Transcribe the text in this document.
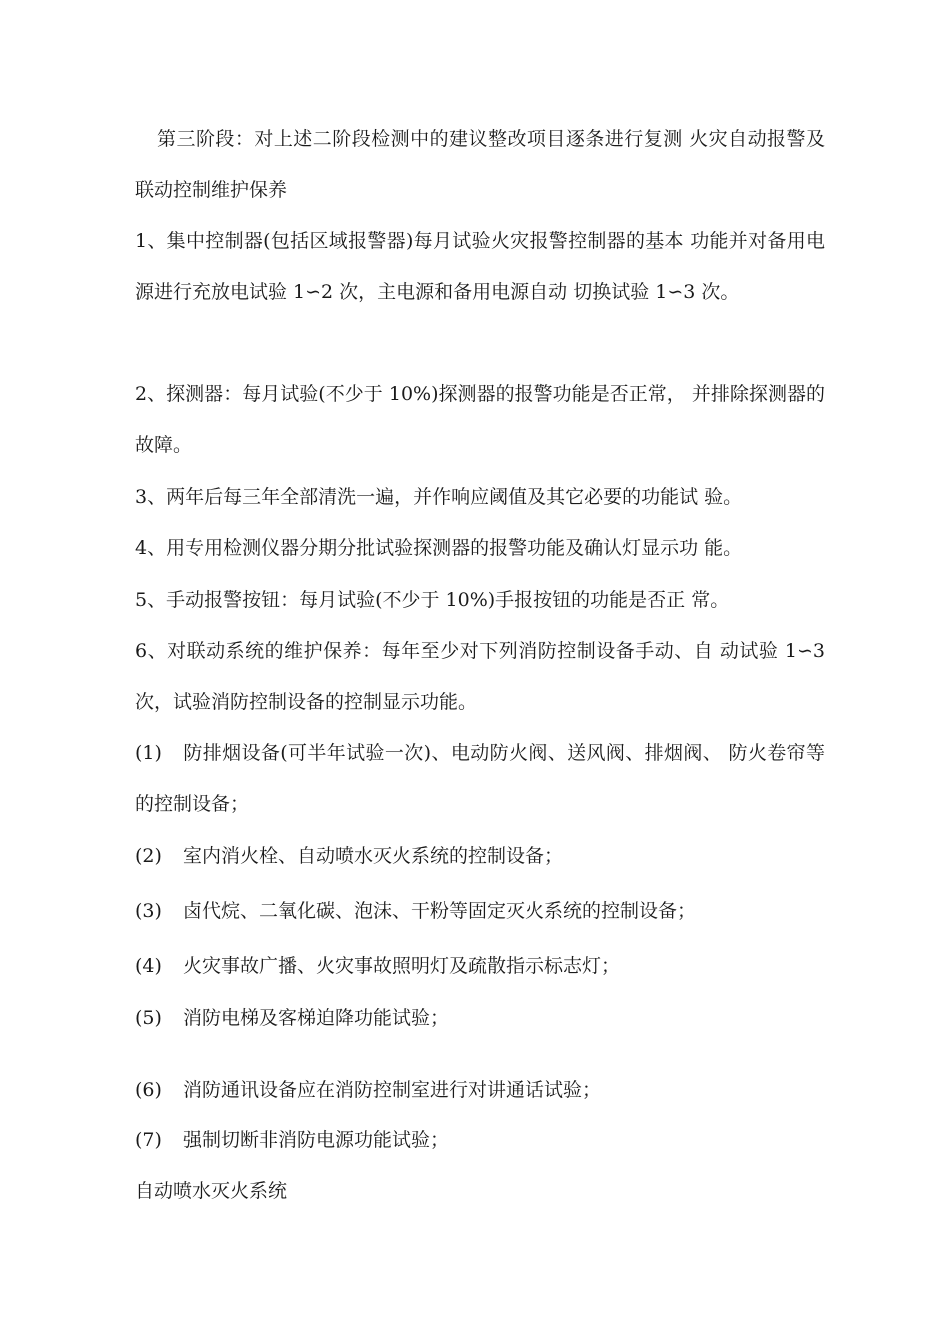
第三阶段：对上述二阶段检测中的建议整改项目逐条进行复测 火灾自动报警及联动控制维护保养

1、集中控制器(包括区域报警器)每月试验火灾报警控制器的基本 功能并对备用电源进行充放电试验 1∽2 次，主电源和备用电源自动 切换试验 1∽3 次。

2、探测器：每月试验(不少于 10%)探测器的报警功能是否正常， 并排除探测器的故障。

3、两年后每三年全部清洗一遍，并作响应阈值及其它必要的功能试 验。

4、用专用检测仪器分期分批试验探测器的报警功能及确认灯显示功 能。

5、手动报警按钮：每月试验(不少于 10%)手报按钮的功能是否正 常。

6、对联动系统的维护保养：每年至少对下列消防控制设备手动、自 动试验 1∽3 次，试验消防控制设备的控制显示功能。

(1) 防排烟设备(可半年试验一次)、电动防火阀、送风阀、排烟阀、 防火卷帘等的控制设备；

(2) 室内消火栓、自动喷水灭火系统的控制设备；

(3) 卤代烷、二氧化碳、泡沫、干粉等固定灭火系统的控制设备；

(4) 火灾事故广播、火灾事故照明灯及疏散指示标志灯；

(5) 消防电梯及客梯迫降功能试验；

(6) 消防通讯设备应在消防控制室进行对讲通话试验；

(7) 强制切断非消防电源功能试验；

自动喷水灭火系统
